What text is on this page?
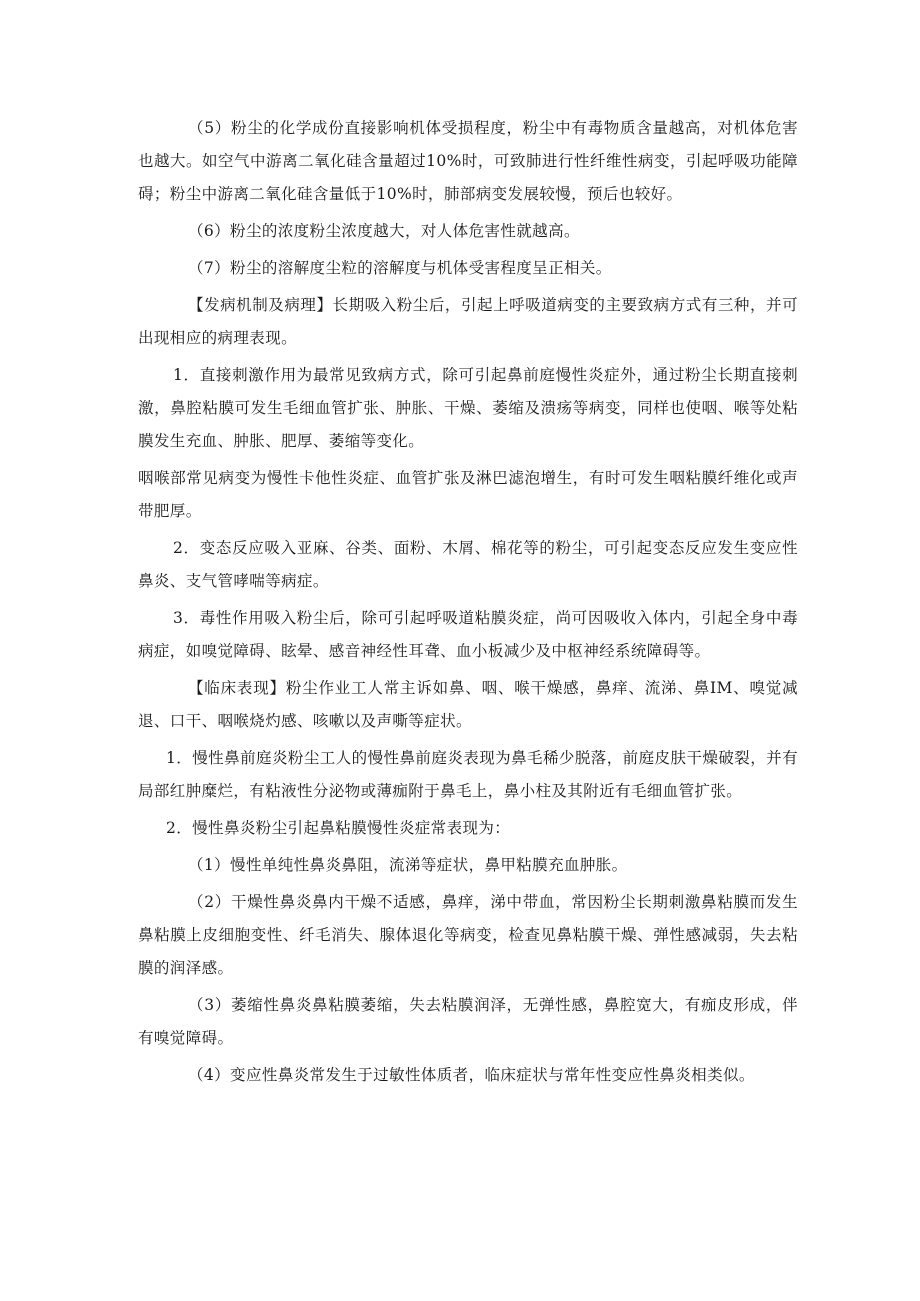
（5）粉尘的化学成份直接影响机体受损程度，粉尘中有毒物质含量越高，对机体危害也越大。如空气中游离二氧化硅含量超过10%时，可致肺进行性纤维性病变，引起呼吸功能障碍；粉尘中游离二氧化硅含量低于10%时，肺部病变发展较慢，预后也较好。

（6）粉尘的浓度粉尘浓度越大，对人体危害性就越高。

（7）粉尘的溶解度尘粒的溶解度与机体受害程度呈正相关。

【发病机制及病理】长期吸入粉尘后，引起上呼吸道病变的主要致病方式有三种，并可出现相应的病理表现。

1．直接刺激作用为最常见致病方式，除可引起鼻前庭慢性炎症外，通过粉尘长期直接刺激，鼻腔粘膜可发生毛细血管扩张、肿胀、干燥、萎缩及溃疡等病变，同样也使咽、喉等处粘膜发生充血、肿胀、肥厚、萎缩等变化。

咽喉部常见病变为慢性卡他性炎症、血管扩张及淋巴滤泡增生，有时可发生咽粘膜纤维化或声带肥厚。

2．变态反应吸入亚麻、谷类、面粉、木屑、棉花等的粉尘，可引起变态反应发生变应性鼻炎、支气管哮喘等病症。

3．毒性作用吸入粉尘后，除可引起呼吸道粘膜炎症，尚可因吸收入体内，引起全身中毒病症，如嗅觉障碍、眩晕、感音神经性耳聋、血小板减少及中枢神经系统障碍等。

【临床表现】粉尘作业工人常主诉如鼻、咽、喉干燥感，鼻痒、流涕、鼻IM、嗅觉减退、口干、咽喉烧灼感、咳嗽以及声嘶等症状。

1．慢性鼻前庭炎粉尘工人的慢性鼻前庭炎表现为鼻毛稀少脱落，前庭皮肤干燥破裂，并有局部红肿糜烂，有粘液性分泌物或薄痂附于鼻毛上，鼻小柱及其附近有毛细血管扩张。

2．慢性鼻炎粉尘引起鼻粘膜慢性炎症常表现为：

（1）慢性单纯性鼻炎鼻阻，流涕等症状，鼻甲粘膜充血肿胀。

（2）干燥性鼻炎鼻内干燥不适感，鼻痒，涕中带血，常因粉尘长期刺激鼻粘膜而发生鼻粘膜上皮细胞变性、纤毛消失、腺体退化等病变，检查见鼻粘膜干燥、弹性感减弱，失去粘膜的润泽感。

（3）萎缩性鼻炎鼻粘膜萎缩，失去粘膜润泽，无弹性感，鼻腔宽大，有痂皮形成，伴有嗅觉障碍。

（4）变应性鼻炎常发生于过敏性体质者，临床症状与常年性变应性鼻炎相类似。
